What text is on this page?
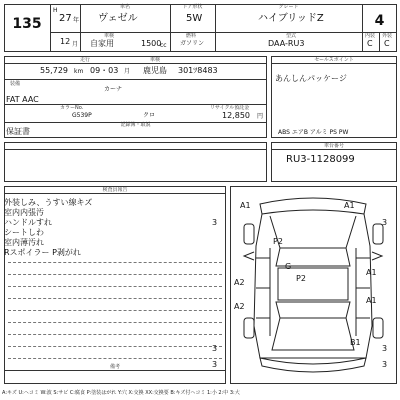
135
H
27 年
12 月
車名
ヴェゼル
車検
自家用
ドア形状
5W
1500
cc
燃料
ガソリン
グレード
ハイブリッドZ
型式
DAA-RU3
4
内装 外装
C C
走行	車検
55,729 km 09・03 月 鹿児島 301ﾂ8483
装備
カーナ
FAT AAC
カラーNo.	リサイクル預託金
G539P	クロ	12,850 円
記録簿・取説
保証書
セールスポイント
あんしんパッケージ
ABS エアB アルミ PS PW
車台番号
RU3-1128099
検査員報告
外装しみ、うすい線キズ
室内内張汚
ハンドルすれ
シートしわ
室内薄汚れ
Rスポイラー P剥がれ
備考
A1	A1
3	3
P2
G
P2
A2
A1
A2
A1
B1
3	3
3	3
A:キズ U:ヘコミ W:波 S:サビ C:腐食 P:塗装はがれ Y:穴 X:交換 XX:交換要 B:キズ付ヘコミ 1:小 2:中 3:大
